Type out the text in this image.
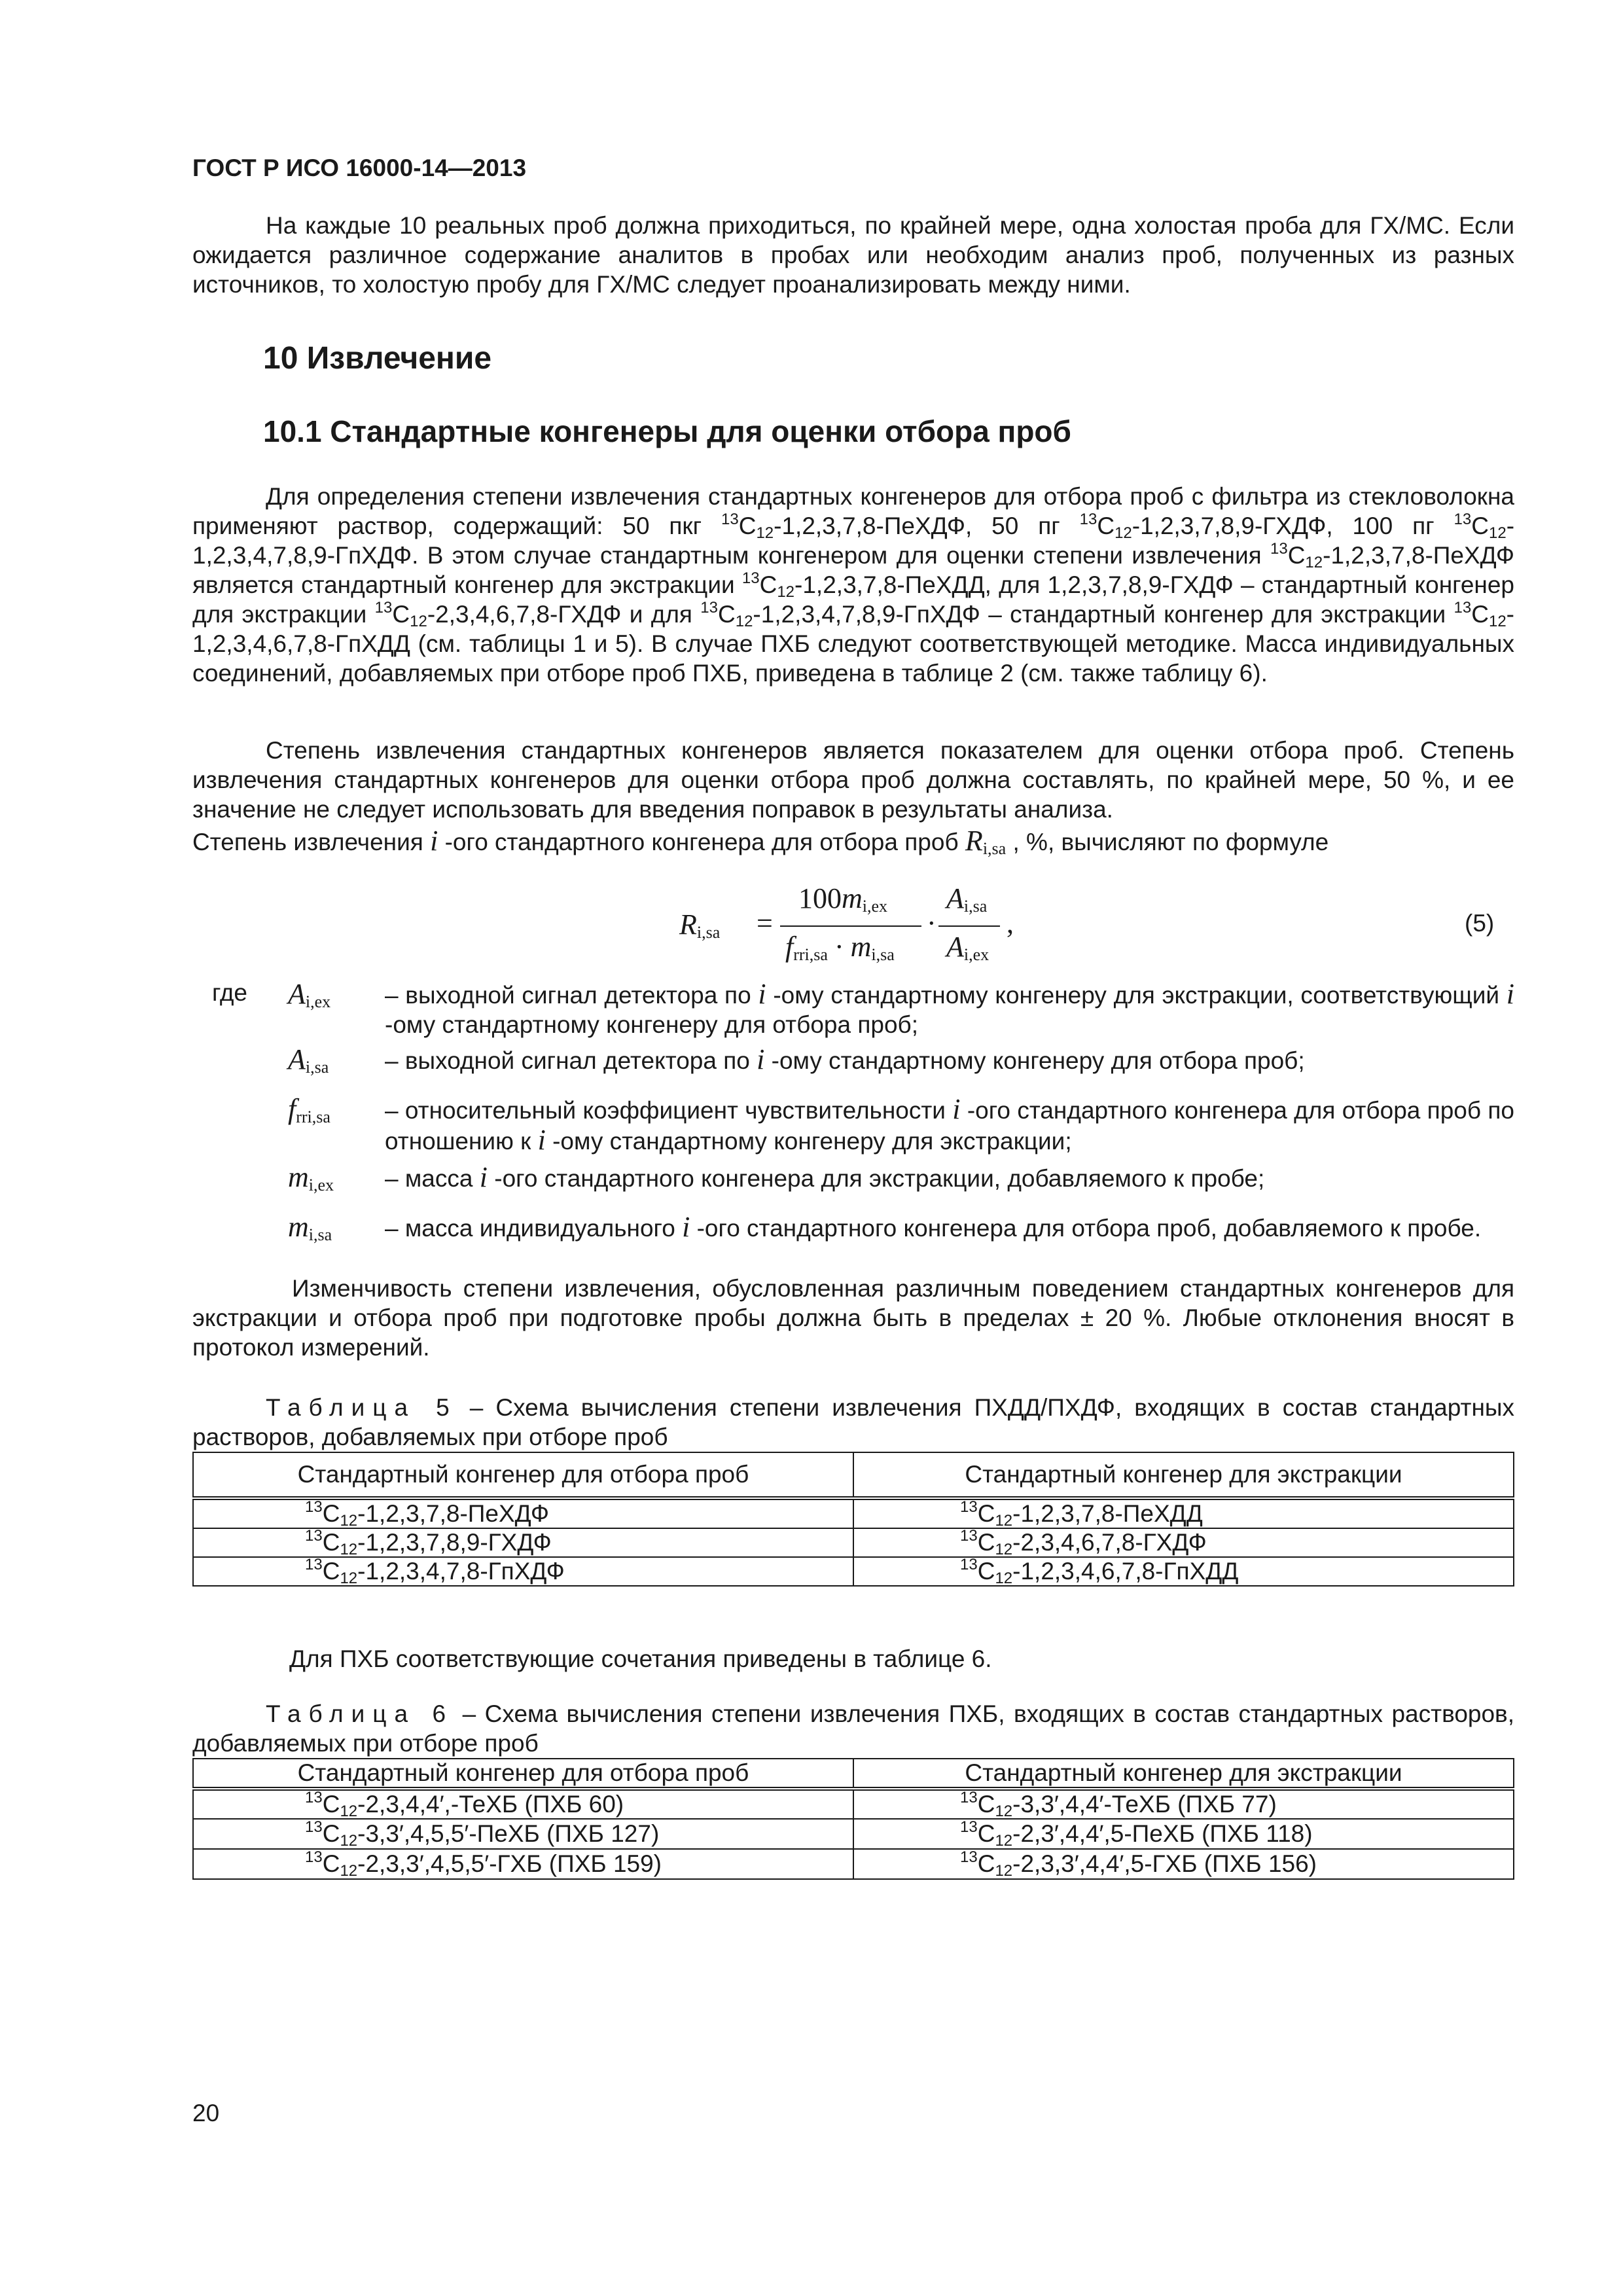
ГОСТ Р ИСО 16000-14—2013
На каждые 10 реальных проб должна приходиться, по крайней мере, одна холостая проба для ГХ/МС. Если ожидается различное содержание аналитов в пробах или необходим анализ проб, полученных из разных источников, то холостую пробу для ГХ/МС следует проанализировать между ними.
10 Извлечение
10.1 Стандартные конгенеры для оценки отбора проб
Для определения степени извлечения стандартных конгенеров для отбора проб с фильтра из стекловолокна применяют раствор, содержащий: 50 пкг $^{13}C_{12}-1,2,3,7,8$-ПеХДФ, 50 пг $^{13}C_{12}-1,2,3,7,8,9$-ГХДФ, 100 пг $^{13}C_{12}-1,2,3,4,7,8,9$-ГпХДФ. В этом случае стандартным конгенером для оценки степени извлечения $^{13}C_{12}-1,2,3,7,8$-ПеХДФ является стандартный конгенер для экстракции $^{13}C_{12}-1,2,3,7,8$-ПеХДД, для 1,2,3,7,8,9-ГХДФ – стандартный конгенер для экстракции $^{13}C_{12}-2,3,4,6,7,8$-ГХДФ и для $^{13}C_{12}-1,2,3,4,7,8,9$-ГпХДФ – стандартный конгенер для экстракции $^{13}C_{12}-1,2,3,4,6,7,8$-ГпХДД (см. таблицы 1 и 5). В случае ПХБ следуют соответствующей методике. Масса индивидуальных соединений, добавляемых при отборе проб ПХБ, приведена в таблице 2 (см. также таблицу 6).
Степень извлечения стандартных конгенеров является показателем для оценки отбора проб. Степень извлечения стандартных конгенеров для оценки отбора проб должна составлять, по крайней мере, 50 %, и ее значение не следует использовать для введения поправок в результаты анализа.
Степень извлечения i -ого стандартного конгенера для отбора проб $R_{i,sa}$ , %, вычисляют по формуле
$R_{i,sa}$ =
$100m_{i,ex}$
$f_{rri,sa} \cdot m_{i,sa}$
·
$A_{i,sa}$
$A_{i,ex}$
,	(5)
где $A_{i,ex}$	– выходной сигнал детектора по i -ому стандартному конгенеру для экстракции, соответствующий i -ому стандартному конгенеру для отбора проб;
$A_{i,sa}$	– выходной сигнал детектора по i -ому стандартному конгенеру для отбора проб;
$f_{rri,sa}$	– относительный коэффициент чувствительности i -ого стандартного конгенера для отбора проб по отношению к i -ому стандартному конгенеру для экстракции;
$m_{i,ex}$	– масса i -ого стандартного конгенера для экстракции, добавляемого к пробе;
$m_{i,sa}$	– масса индивидуального i -ого стандартного конгенера для отбора проб, добавляемого к пробе.
Изменчивость степени извлечения, обусловленная различным поведением стандартных конгенеров для экстракции и отбора проб при подготовке пробы должна быть в пределах ± 20 %. Любые отклонения вносят в протокол измерений.
Таблица 5 – Схема вычисления степени извлечения ПХДД/ПХДФ, входящих в состав стандартных растворов, добавляемых при отборе проб
Стандартный конгенер для отбора проб	Стандартный конгенер для экстракции
$^{13}C_{12}-1,2,3,7,8$-ПеХДФ	$^{13}C_{12}-1,2,3,7,8$-ПеХДД
$^{13}C_{12}-1,2,3,7,8,9$-ГХДФ	$^{13}C_{12}-2,3,4,6,7,8$-ГХДФ
$^{13}C_{12}-1,2,3,4,7,8$-ГпХДФ	$^{13}C_{12}-1,2,3,4,6,7,8$-ГпХДД
Для ПХБ соответствующие сочетания приведены в таблице 6.
Таблица 6 – Схема вычисления степени извлечения ПХБ, входящих в состав стандартных растворов, добавляемых при отборе проб
Стандартный конгенер для отбора проб	Стандартный конгенер для экстракции
$^{13}C_{12}-2,3,4,4'$,-ТеХБ (ПХБ 60)	$^{13}C_{12}-3,3',4,4'$-ТеХБ (ПХБ 77)
$^{13}C_{12}-3,3',4,5,5'$-ПеХБ (ПХБ 127)	$^{13}C_{12}-2,3',4,4',5$-ПеХБ (ПХБ 118)
$^{13}C_{12}-2,3,3',4,5,5'$-ГХБ (ПХБ 159)	$^{13}C_{12}-2,3,3',4,4',5$-ГХБ (ПХБ 156)
20
